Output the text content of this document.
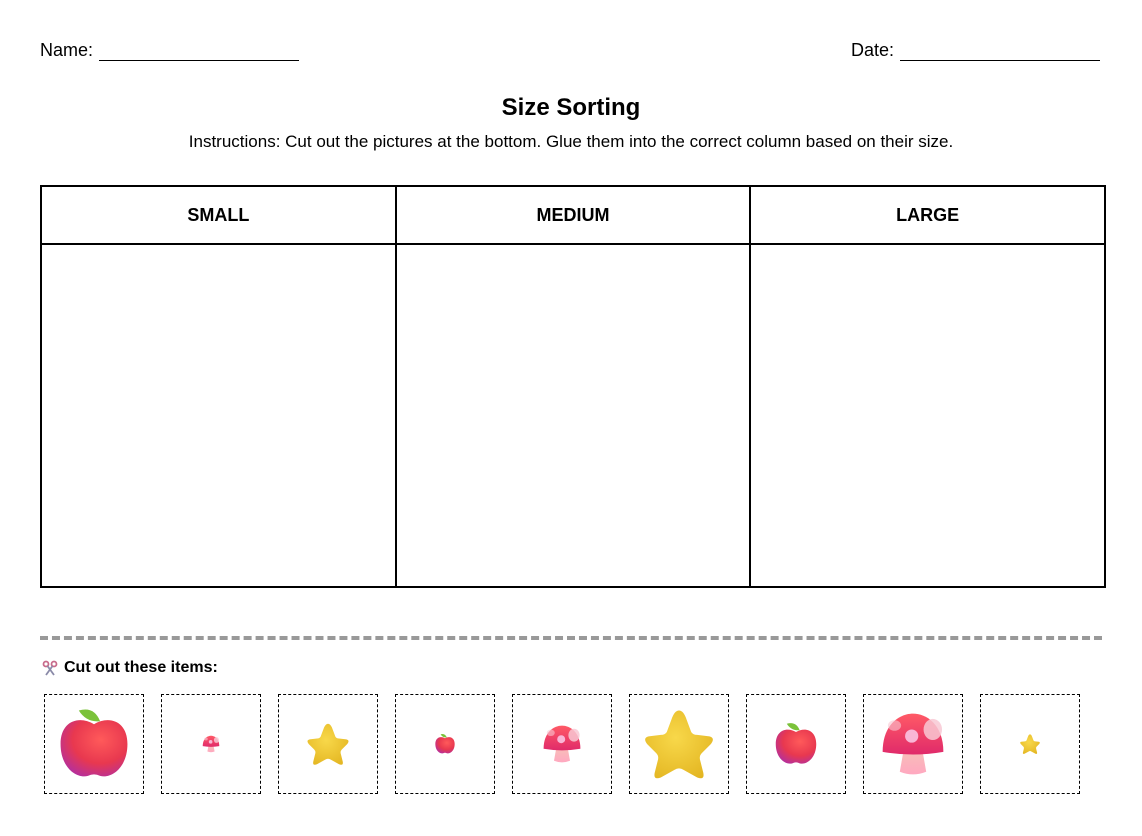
Name:	Date:
Size Sorting
Instructions: Cut out the pictures at the bottom. Glue them into the correct column based on their size.
SMALL	MEDIUM	LARGE

Cut out these items:
